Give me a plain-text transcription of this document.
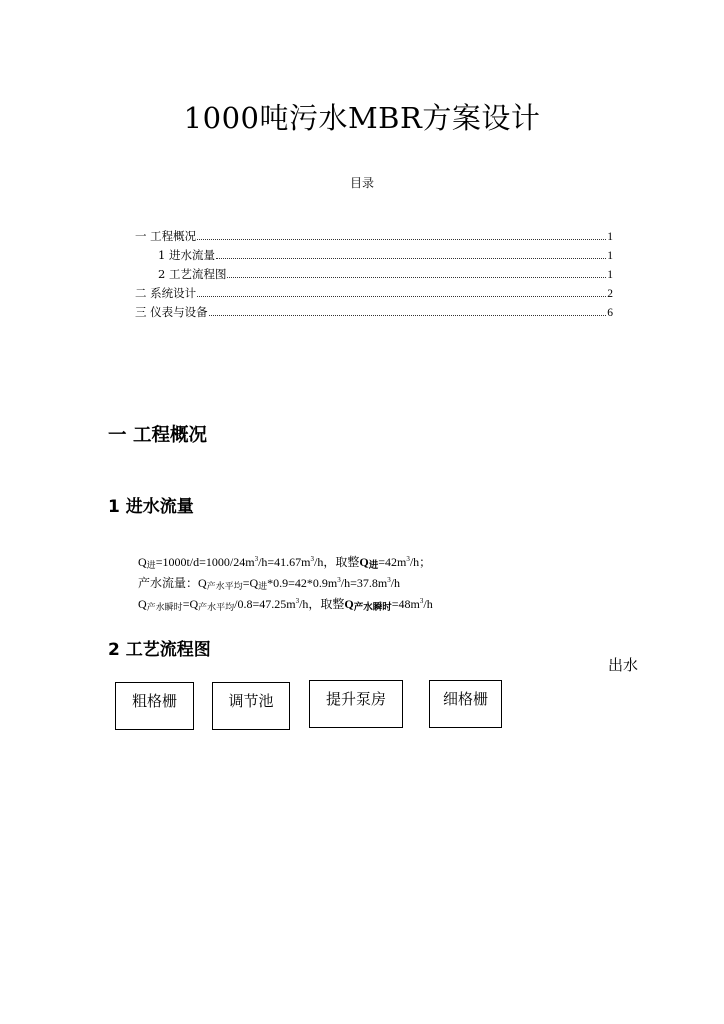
1000吨污水MBR方案设计
目录
一 工程概况	1
1 进水流量	1
2 工艺流程图	1
二 系统设计	2
三 仪表与设备	6
一 工程概况
1 进水流量
$Q_进=1000t/d=1000/24m^3/h=41.67m^3/h$，取整Q进$=42m^3/h$；
产水流量：$Q_{产水平均}=Q_进*0.9=42*0.9m^3/h=37.8m^3/h$
$Q_{产水瞬时}=Q_{产水平均}/0.8=47.25m^3/h$，取整Q产水瞬时$=48m^3/h$
2 工艺流程图
出水
粗格栅	调节池	提升泵房	细格栅
